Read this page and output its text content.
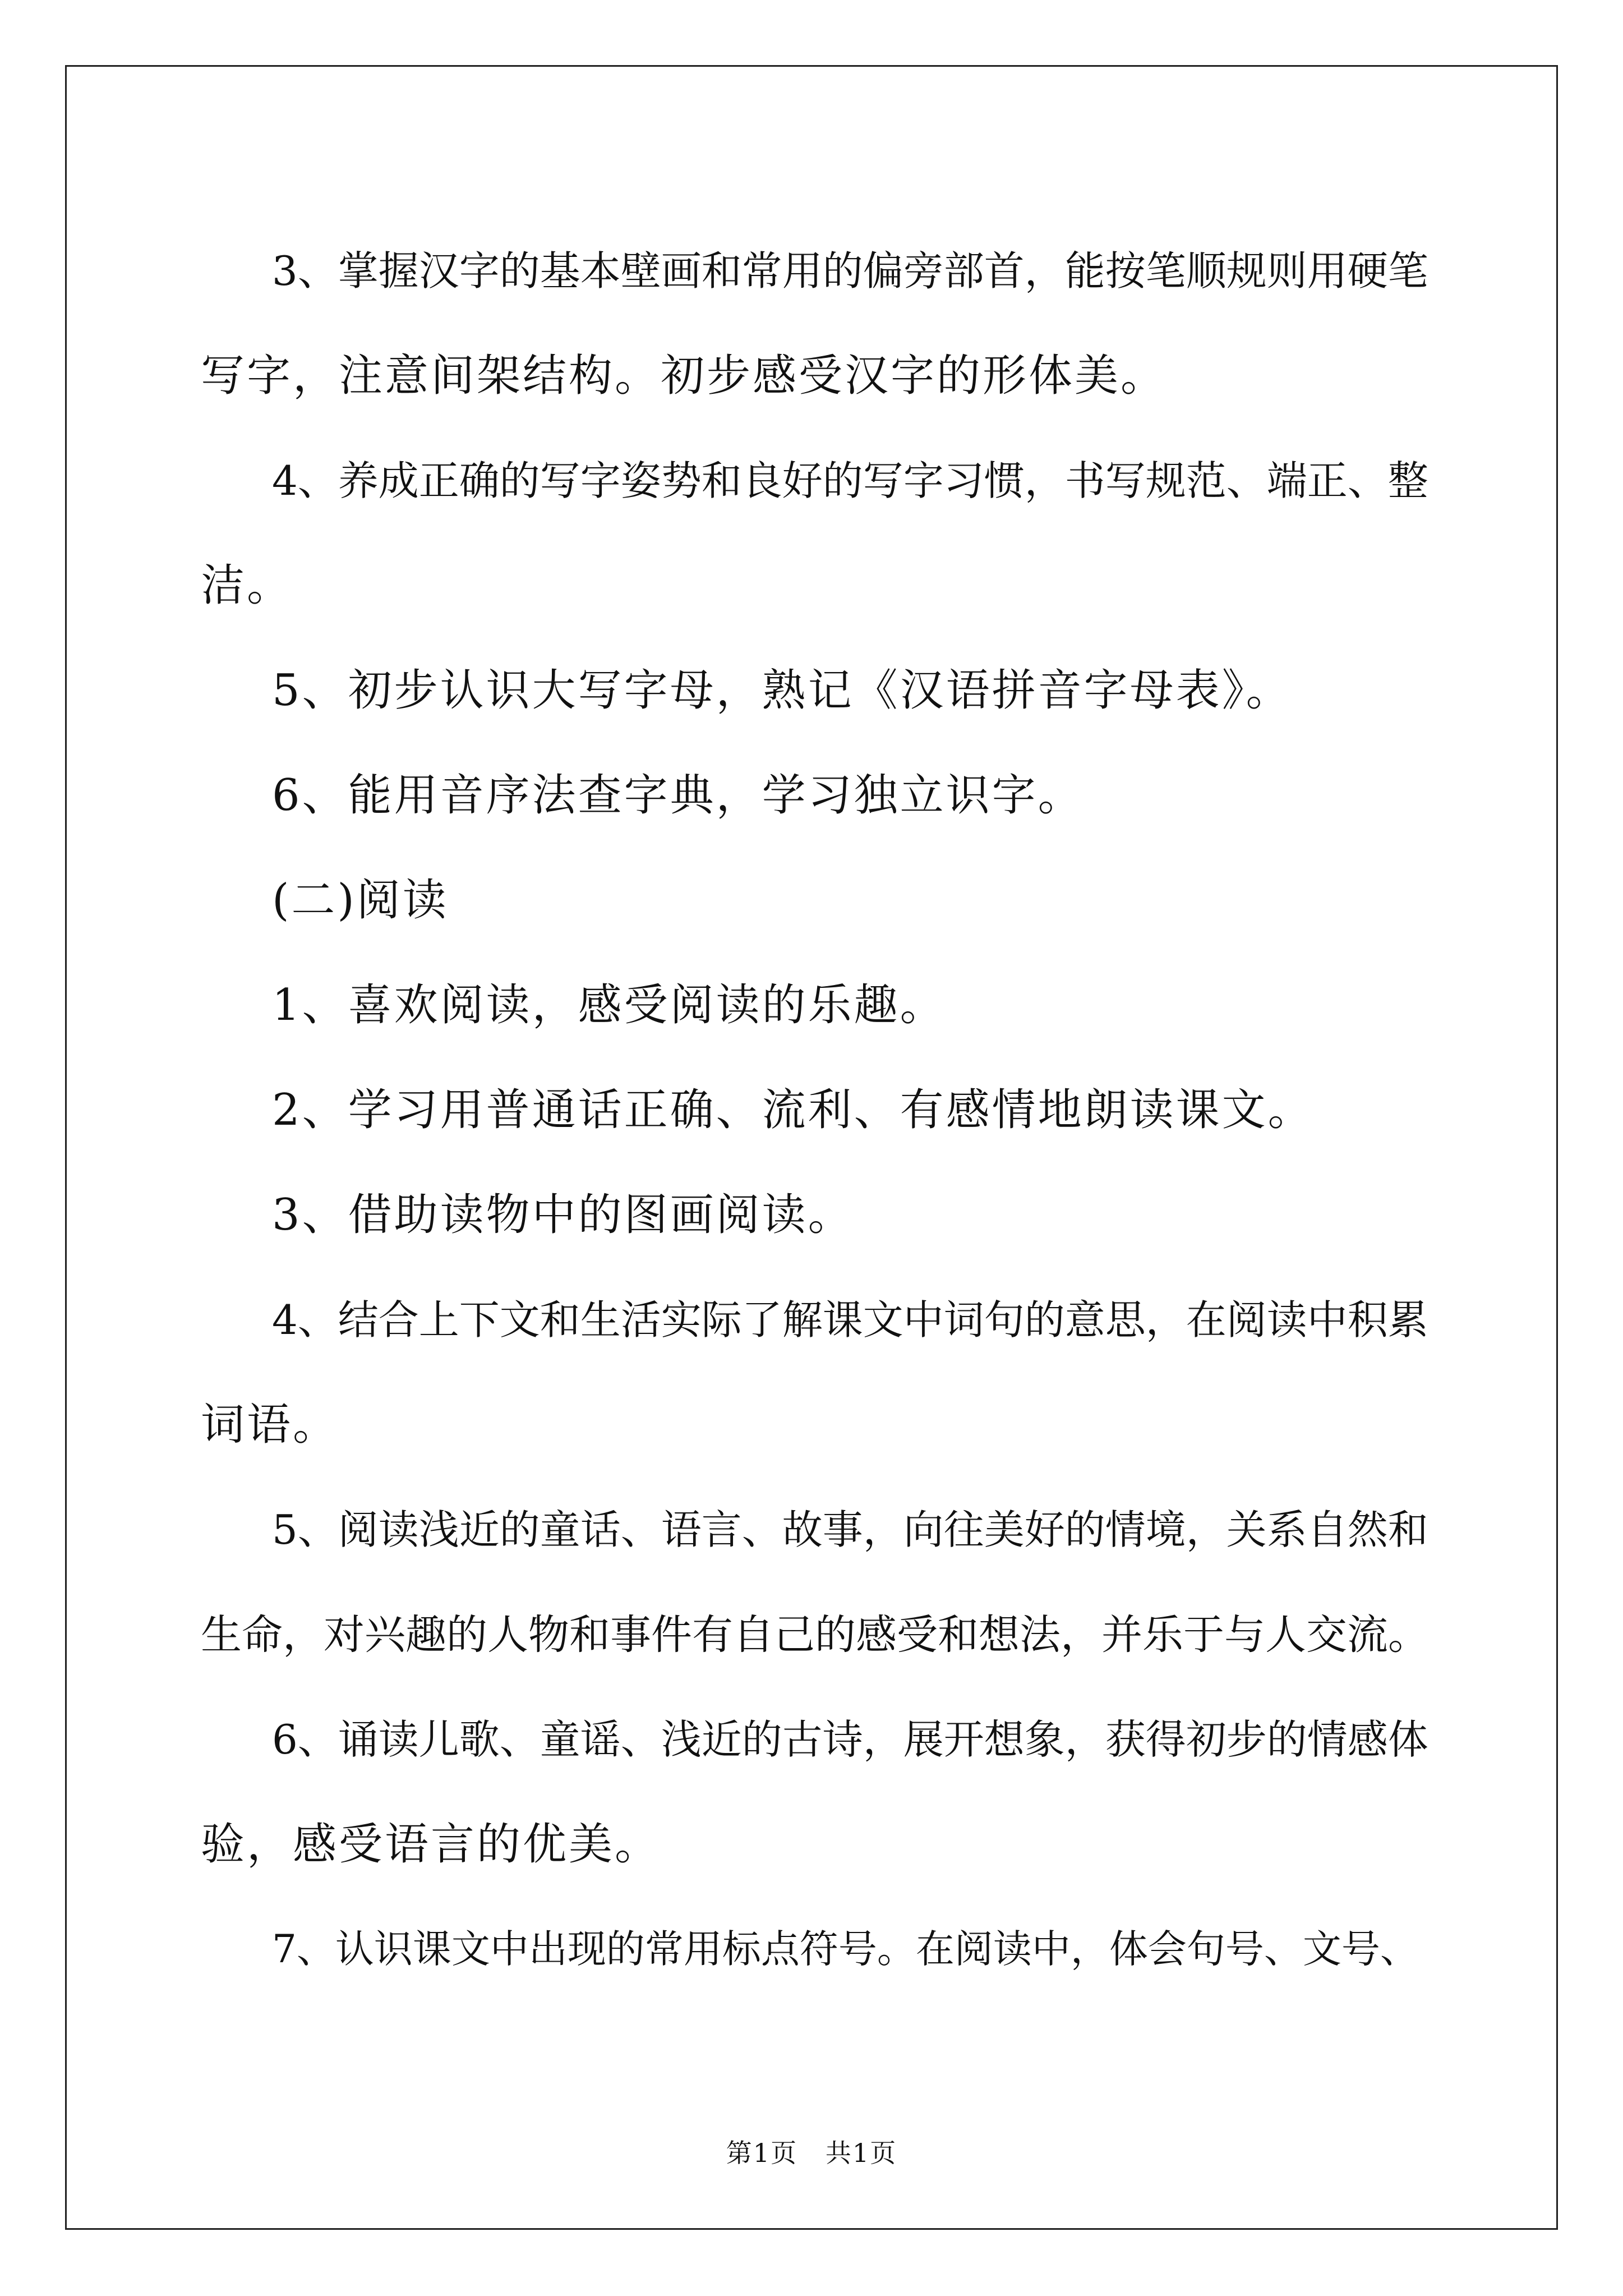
3、掌握汉字的基本壁画和常用的偏旁部首，能按笔顺规则用硬笔

写字，注意间架结构。初步感受汉字的形体美。

4、养成正确的写字姿势和良好的写字习惯，书写规范、端正、整

洁。

5、初步认识大写字母，熟记《汉语拼音字母表》。

6、能用音序法查字典，学习独立识字。

(二)阅读

1、喜欢阅读，感受阅读的乐趣。

2、学习用普通话正确、流利、有感情地朗读课文。

3、借助读物中的图画阅读。

4、结合上下文和生活实际了解课文中词句的意思，在阅读中积累

词语。

5、阅读浅近的童话、语言、故事，向往美好的情境，关系自然和

生命，对兴趣的人物和事件有自己的感受和想法，并乐于与人交流。

6、诵读儿歌、童谣、浅近的古诗，展开想象，获得初步的情感体

验，感受语言的优美。

7、认识课文中出现的常用标点符号。在阅读中，体会句号、文号、

第1页   共1页
